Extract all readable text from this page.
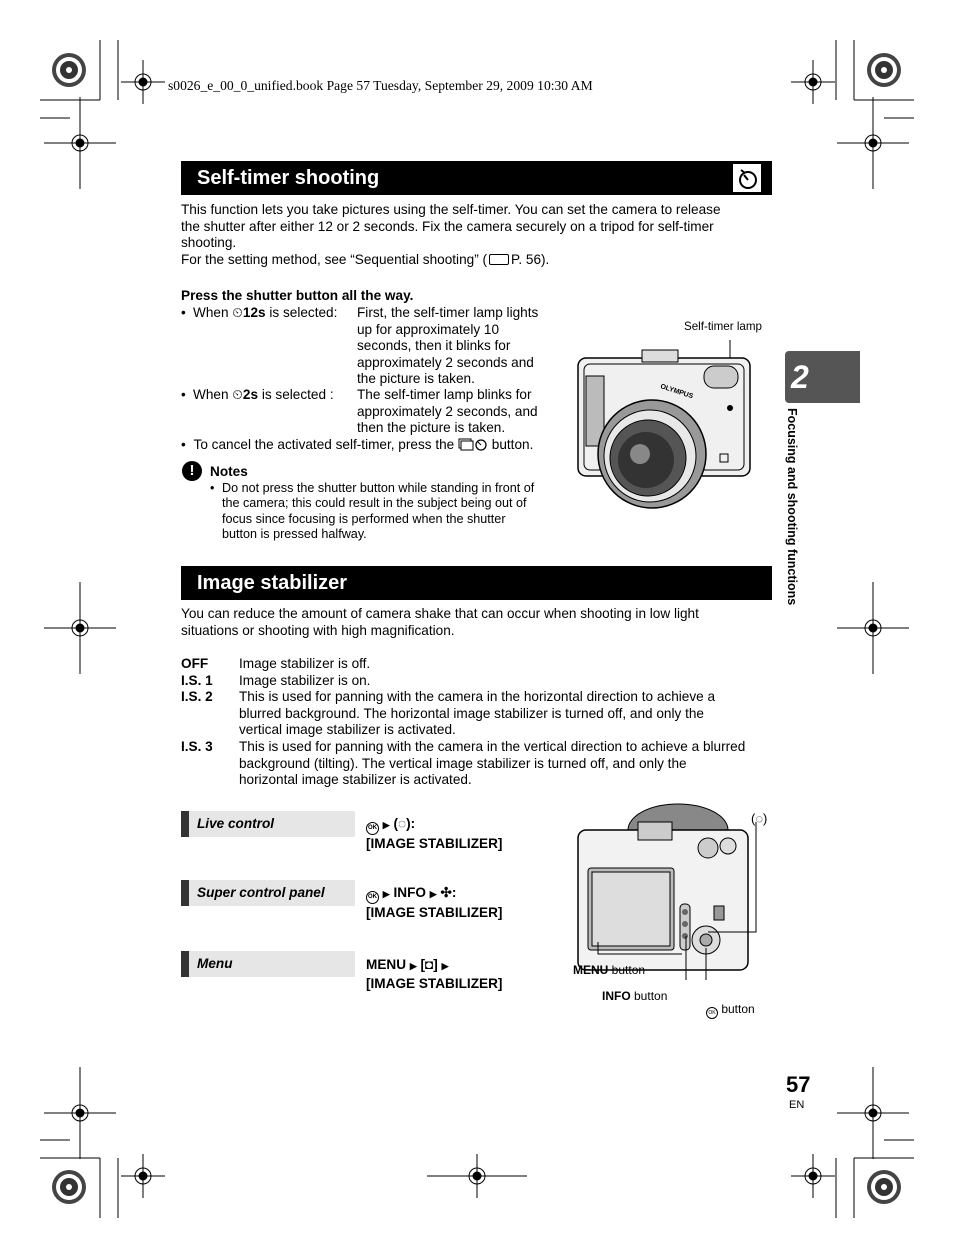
s0026_e_00_0_unified.book Page 57 Tuesday, September 29, 2009 10:30 AM
Self-timer shooting
This function lets you take pictures using the self-timer. You can set the camera to release
the shutter after either 12 or 2 seconds. Fix the camera securely on a tripod for self-timer
shooting.
For the setting method, see “Sequential shooting” ( P. 56).
Press the shutter button all the way.
• When ⏲12s is selected: First, the self-timer lamp lights
up for approximately 10
seconds, then it blinks for
approximately 2 seconds and
the picture is taken.
• When ⏲2s is selected : The self-timer lamp blinks for
approximately 2 seconds, and
then the picture is taken.
• To cancel the activated self-timer, press the	button.
!	Notes
• Do not press the shutter button while standing in front of
the camera; this could result in the subject being out of
focus since focusing is performed when the shutter
button is pressed halfway.
Self-timer lamp
OLYMPUS
Image stabilizer
You can reduce the amount of camera shake that can occur when shooting in low light
situations or shooting with high magnification.
OFF Image stabilizer is off.
I.S. 1 Image stabilizer is on.
I.S. 2 This is used for panning with the camera in the horizontal direction to achieve a
blurred background. The horizontal image stabilizer is turned off, and only the
vertical image stabilizer is activated.
I.S. 3 This is used for panning with the camera in the vertical direction to achieve a blurred
background (tilting). The vertical image stabilizer is turned off, and only the
horizontal image stabilizer is activated.
Live control	OK ▶ (◌):
[IMAGE STABILIZER]
Super control panel	OK ▶ INFO ▶ ✣:
[IMAGE STABILIZER]
Menu	MENU ▶ [◘] ▶
[IMAGE STABILIZER]
(◌)
MENU button
INFO button
OK button
2
Focusing and shooting functions
57
EN
